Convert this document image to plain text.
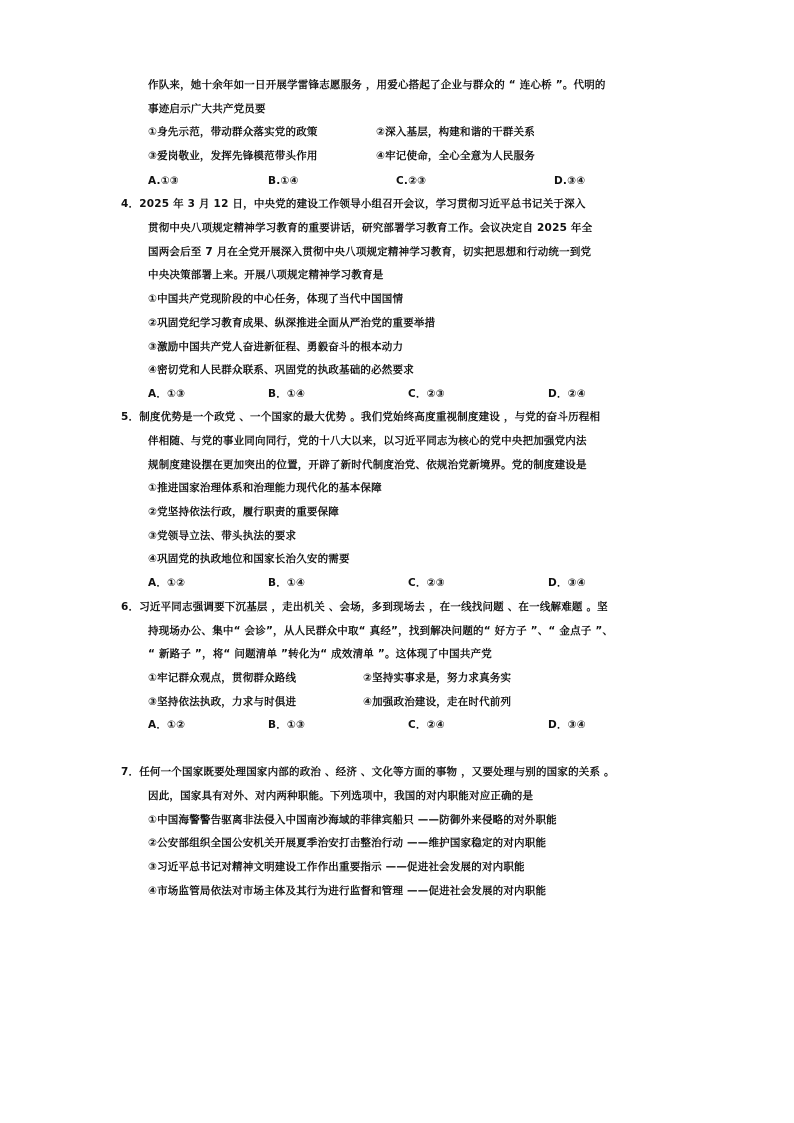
作队来，她十余年如一日开展学雷锋志愿服务 ，用爱心搭起了企业与群众的 “ 连心桥 ”。代明的
事迹启示广大共产党员要
①身先示范，带动群众落实党的政策	②深入基层，构建和谐的干群关系
③爱岗敬业，发挥先锋模范带头作用	④牢记使命，全心全意为人民服务
A.①③	B.①④	C.②③	D.③④
4．2025 年 3 月 12 日，中央党的建设工作领导小组召开会议，学习贯彻习近平总书记关于深入
贯彻中央八项规定精神学习教育的重要讲话，研究部署学习教育工作。会议决定自 2025 年全
国两会后至 7 月在全党开展深入贯彻中央八项规定精神学习教育，切实把思想和行动统一到党
中央决策部署上来。开展八项规定精神学习教育是
①中国共产党现阶段的中心任务，体现了当代中国国情
②巩固党纪学习教育成果、纵深推进全面从严治党的重要举措
③激励中国共产党人奋进新征程、勇毅奋斗的根本动力
④密切党和人民群众联系、巩固党的执政基础的必然要求
A．①③	B．①④	C．②③	D．②④
5．制度优势是一个政党 、一个国家的最大优势 。我们党始终高度重视制度建设 ，与党的奋斗历程相
伴相随、与党的事业同向同行，党的十八大以来，以习近平同志为核心的党中央把加强党内法
规制度建设摆在更加突出的位置，开辟了新时代制度治党、依规治党新境界。党的制度建设是
①推进国家治理体系和治理能力现代化的基本保障
②党坚持依法行政，履行职责的重要保障
③党领导立法、带头执法的要求
④巩固党的执政地位和国家长治久安的需要
A．①②	B．①④	C．②③	D．③④
6．习近平同志强调要下沉基层 ，走出机关 、会场，多到现场去 ，在一线找问题 、在一线解难题 。坚
持现场办公、集中“ 会诊”，从人民群众中取“ 真经”，找到解决问题的“ 好方子 ”、“ 金点子 ”、
“ 新路子 ”，将“ 问题清单 ”转化为“ 成效清单 ”。这体现了中国共产党
①牢记群众观点，贯彻群众路线	②坚持实事求是，努力求真务实
③坚持依法执政，力求与时俱进	④加强政治建设，走在时代前列
A．①②	B．①③	C．②④	D．③④
7．任何一个国家既要处理国家内部的政治 、经济 、文化等方面的事物 ，又要处理与别的国家的关系 。
因此，国家具有对外、对内两种职能。下列选项中，我国的对内职能对应正确的是
①中国海警警告驱离非法侵入中国南沙海域的菲律宾船只 ——防御外来侵略的对外职能
②公安部组织全国公安机关开展夏季治安打击整治行动 ——维护国家稳定的对内职能
③习近平总书记对精神文明建设工作作出重要指示 ——促进社会发展的对内职能
④市场监管局依法对市场主体及其行为进行监督和管理 ——促进社会发展的对内职能
